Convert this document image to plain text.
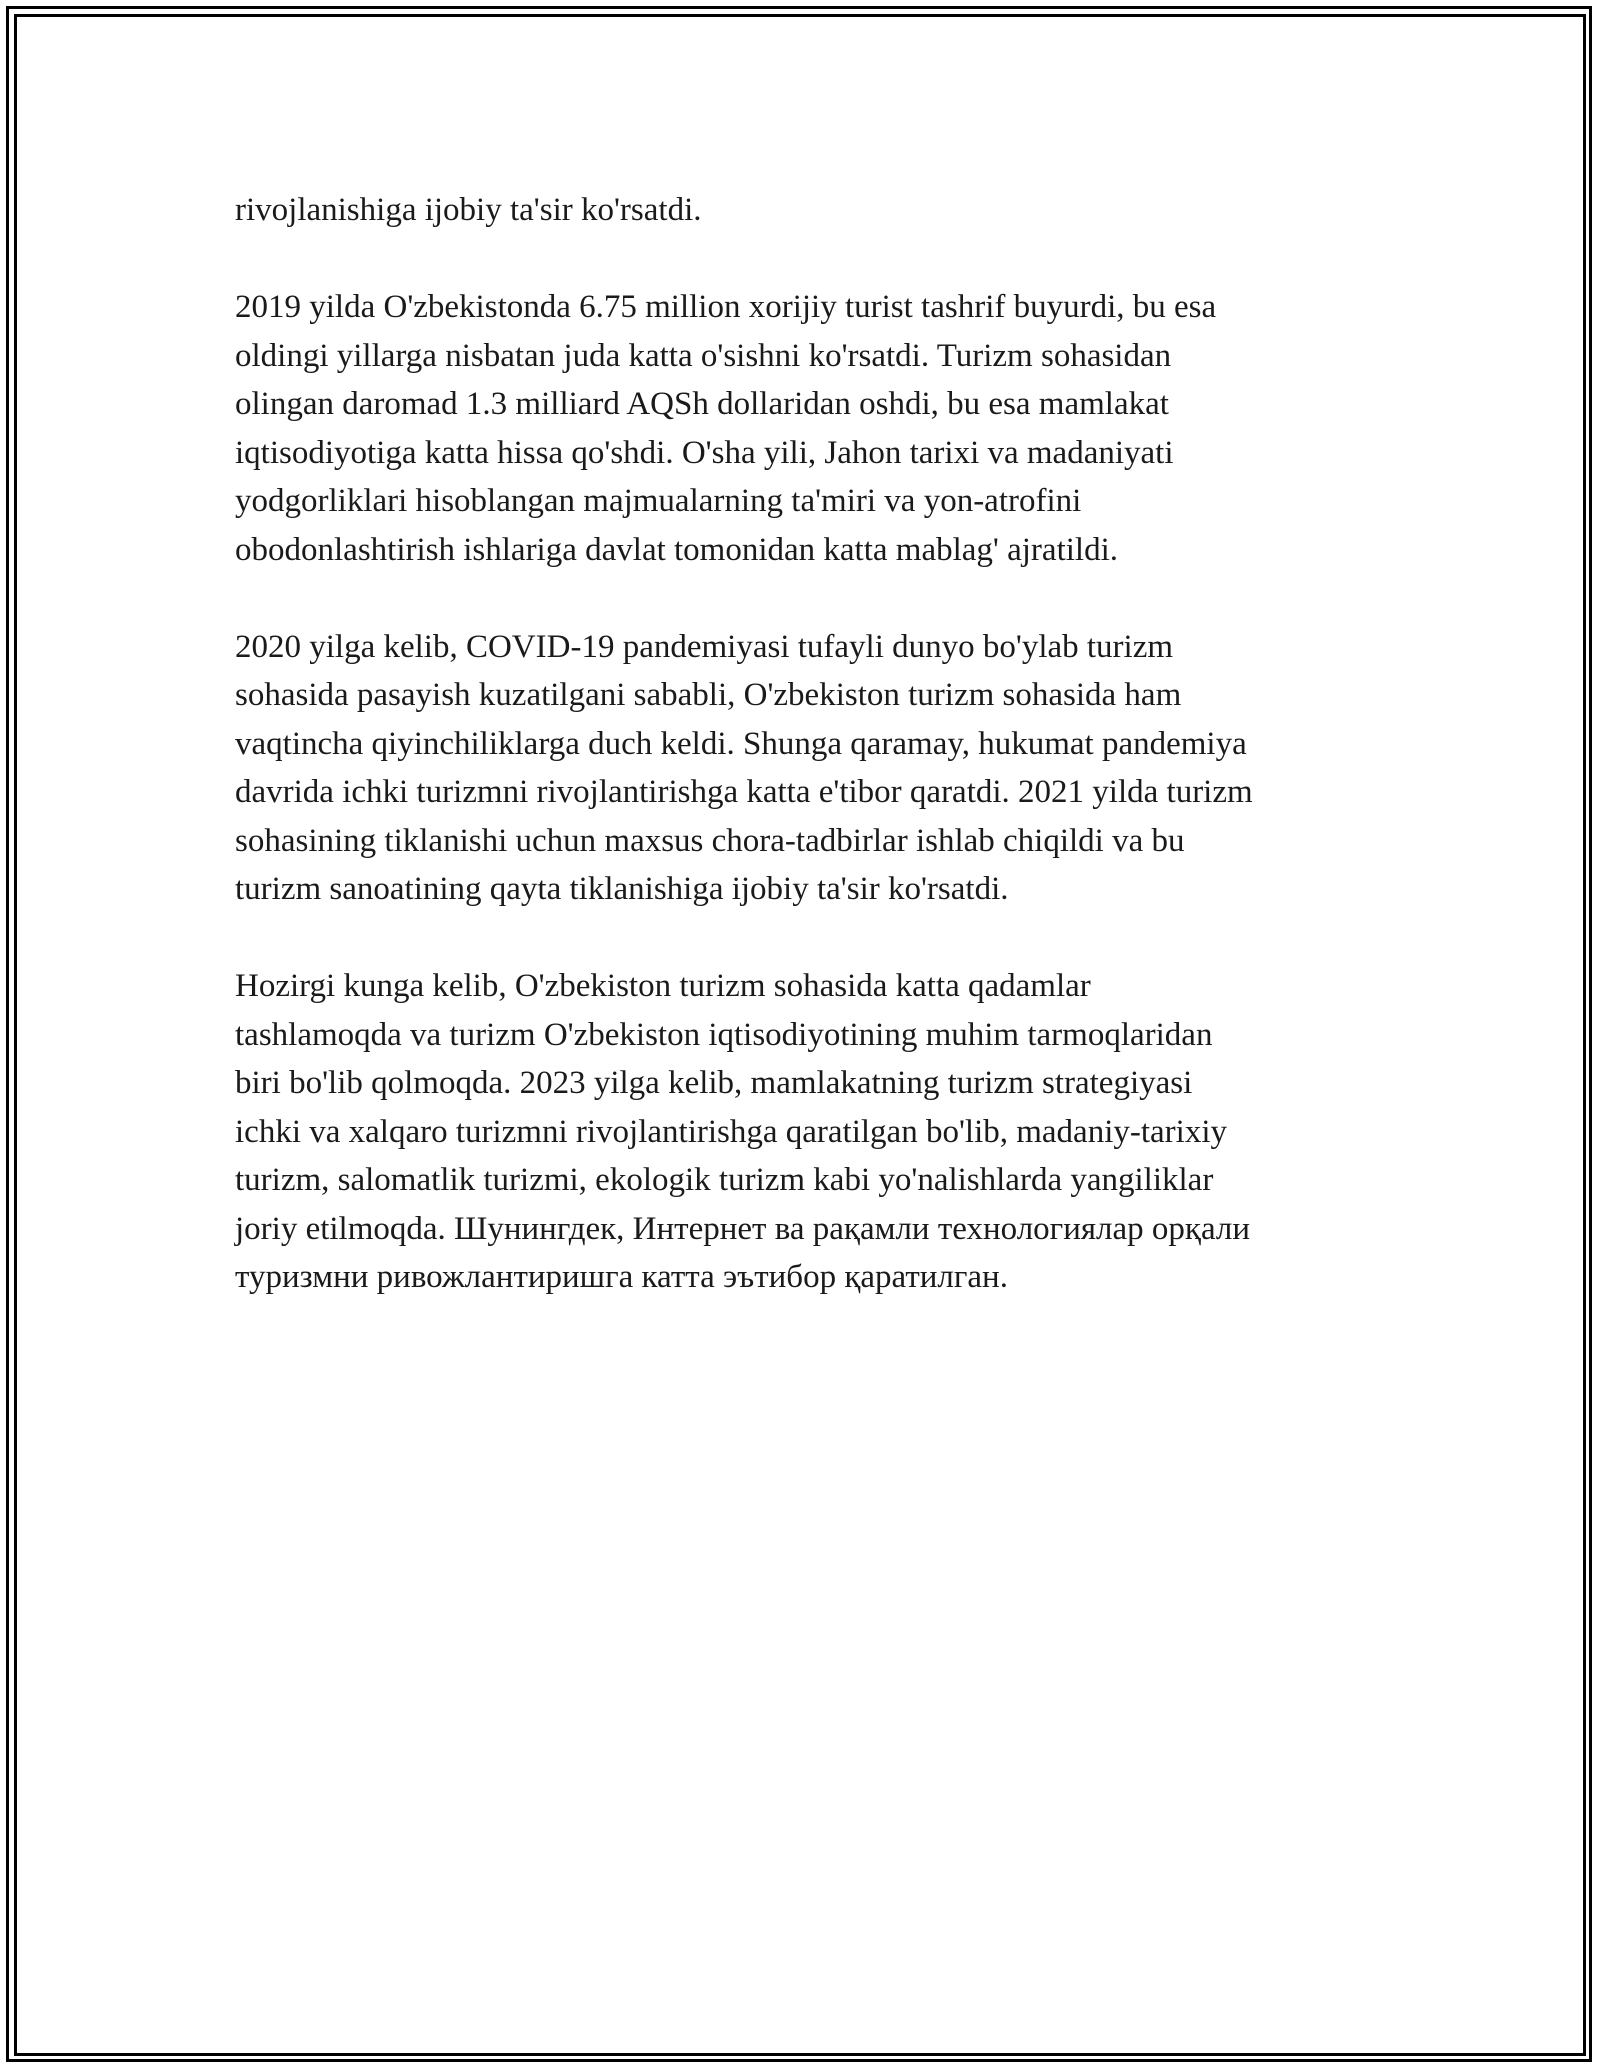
rivojlanishiga ijobiy ta'sir ko'rsatdi.

2019 yilda O'zbekistonda 6.75 million xorijiy turist tashrif buyurdi, bu esa
oldingi yillarga nisbatan juda katta o'sishni ko'rsatdi. Turizm sohasidan
olingan daromad 1.3 milliard AQSh dollaridan oshdi, bu esa mamlakat
iqtisodiyotiga katta hissa qo'shdi. O'sha yili, Jahon tarixi va madaniyati
yodgorliklari hisoblangan majmualarning ta'miri va yon-atrofini
obodonlashtirish ishlariga davlat tomonidan katta mablag' ajratildi.

2020 yilga kelib, COVID-19 pandemiyasi tufayli dunyo bo'ylab turizm
sohasida pasayish kuzatilgani sababli, O'zbekiston turizm sohasida ham
vaqtincha qiyinchiliklarga duch keldi. Shunga qaramay, hukumat pandemiya
davrida ichki turizmni rivojlantirishga katta e'tibor qaratdi. 2021 yilda turizm
sohasining tiklanishi uchun maxsus chora-tadbirlar ishlab chiqildi va bu
turizm sanoatining qayta tiklanishiga ijobiy ta'sir ko'rsatdi.

Hozirgi kunga kelib, O'zbekiston turizm sohasida katta qadamlar
tashlamoqda va turizm O'zbekiston iqtisodiyotining muhim tarmoqlaridan
biri bo'lib qolmoqda. 2023 yilga kelib, mamlakatning turizm strategiyasi
ichki va xalqaro turizmni rivojlantirishga qaratilgan bo'lib, madaniy-tarixiy
turizm, salomatlik turizmi, ekologik turizm kabi yo'nalishlarda yangiliklar
joriy etilmoqda. Шунингдек, Интернет ва рақамли технологиялар орқали
туризмни ривожлантиришга катта эътибор қаратилган.
